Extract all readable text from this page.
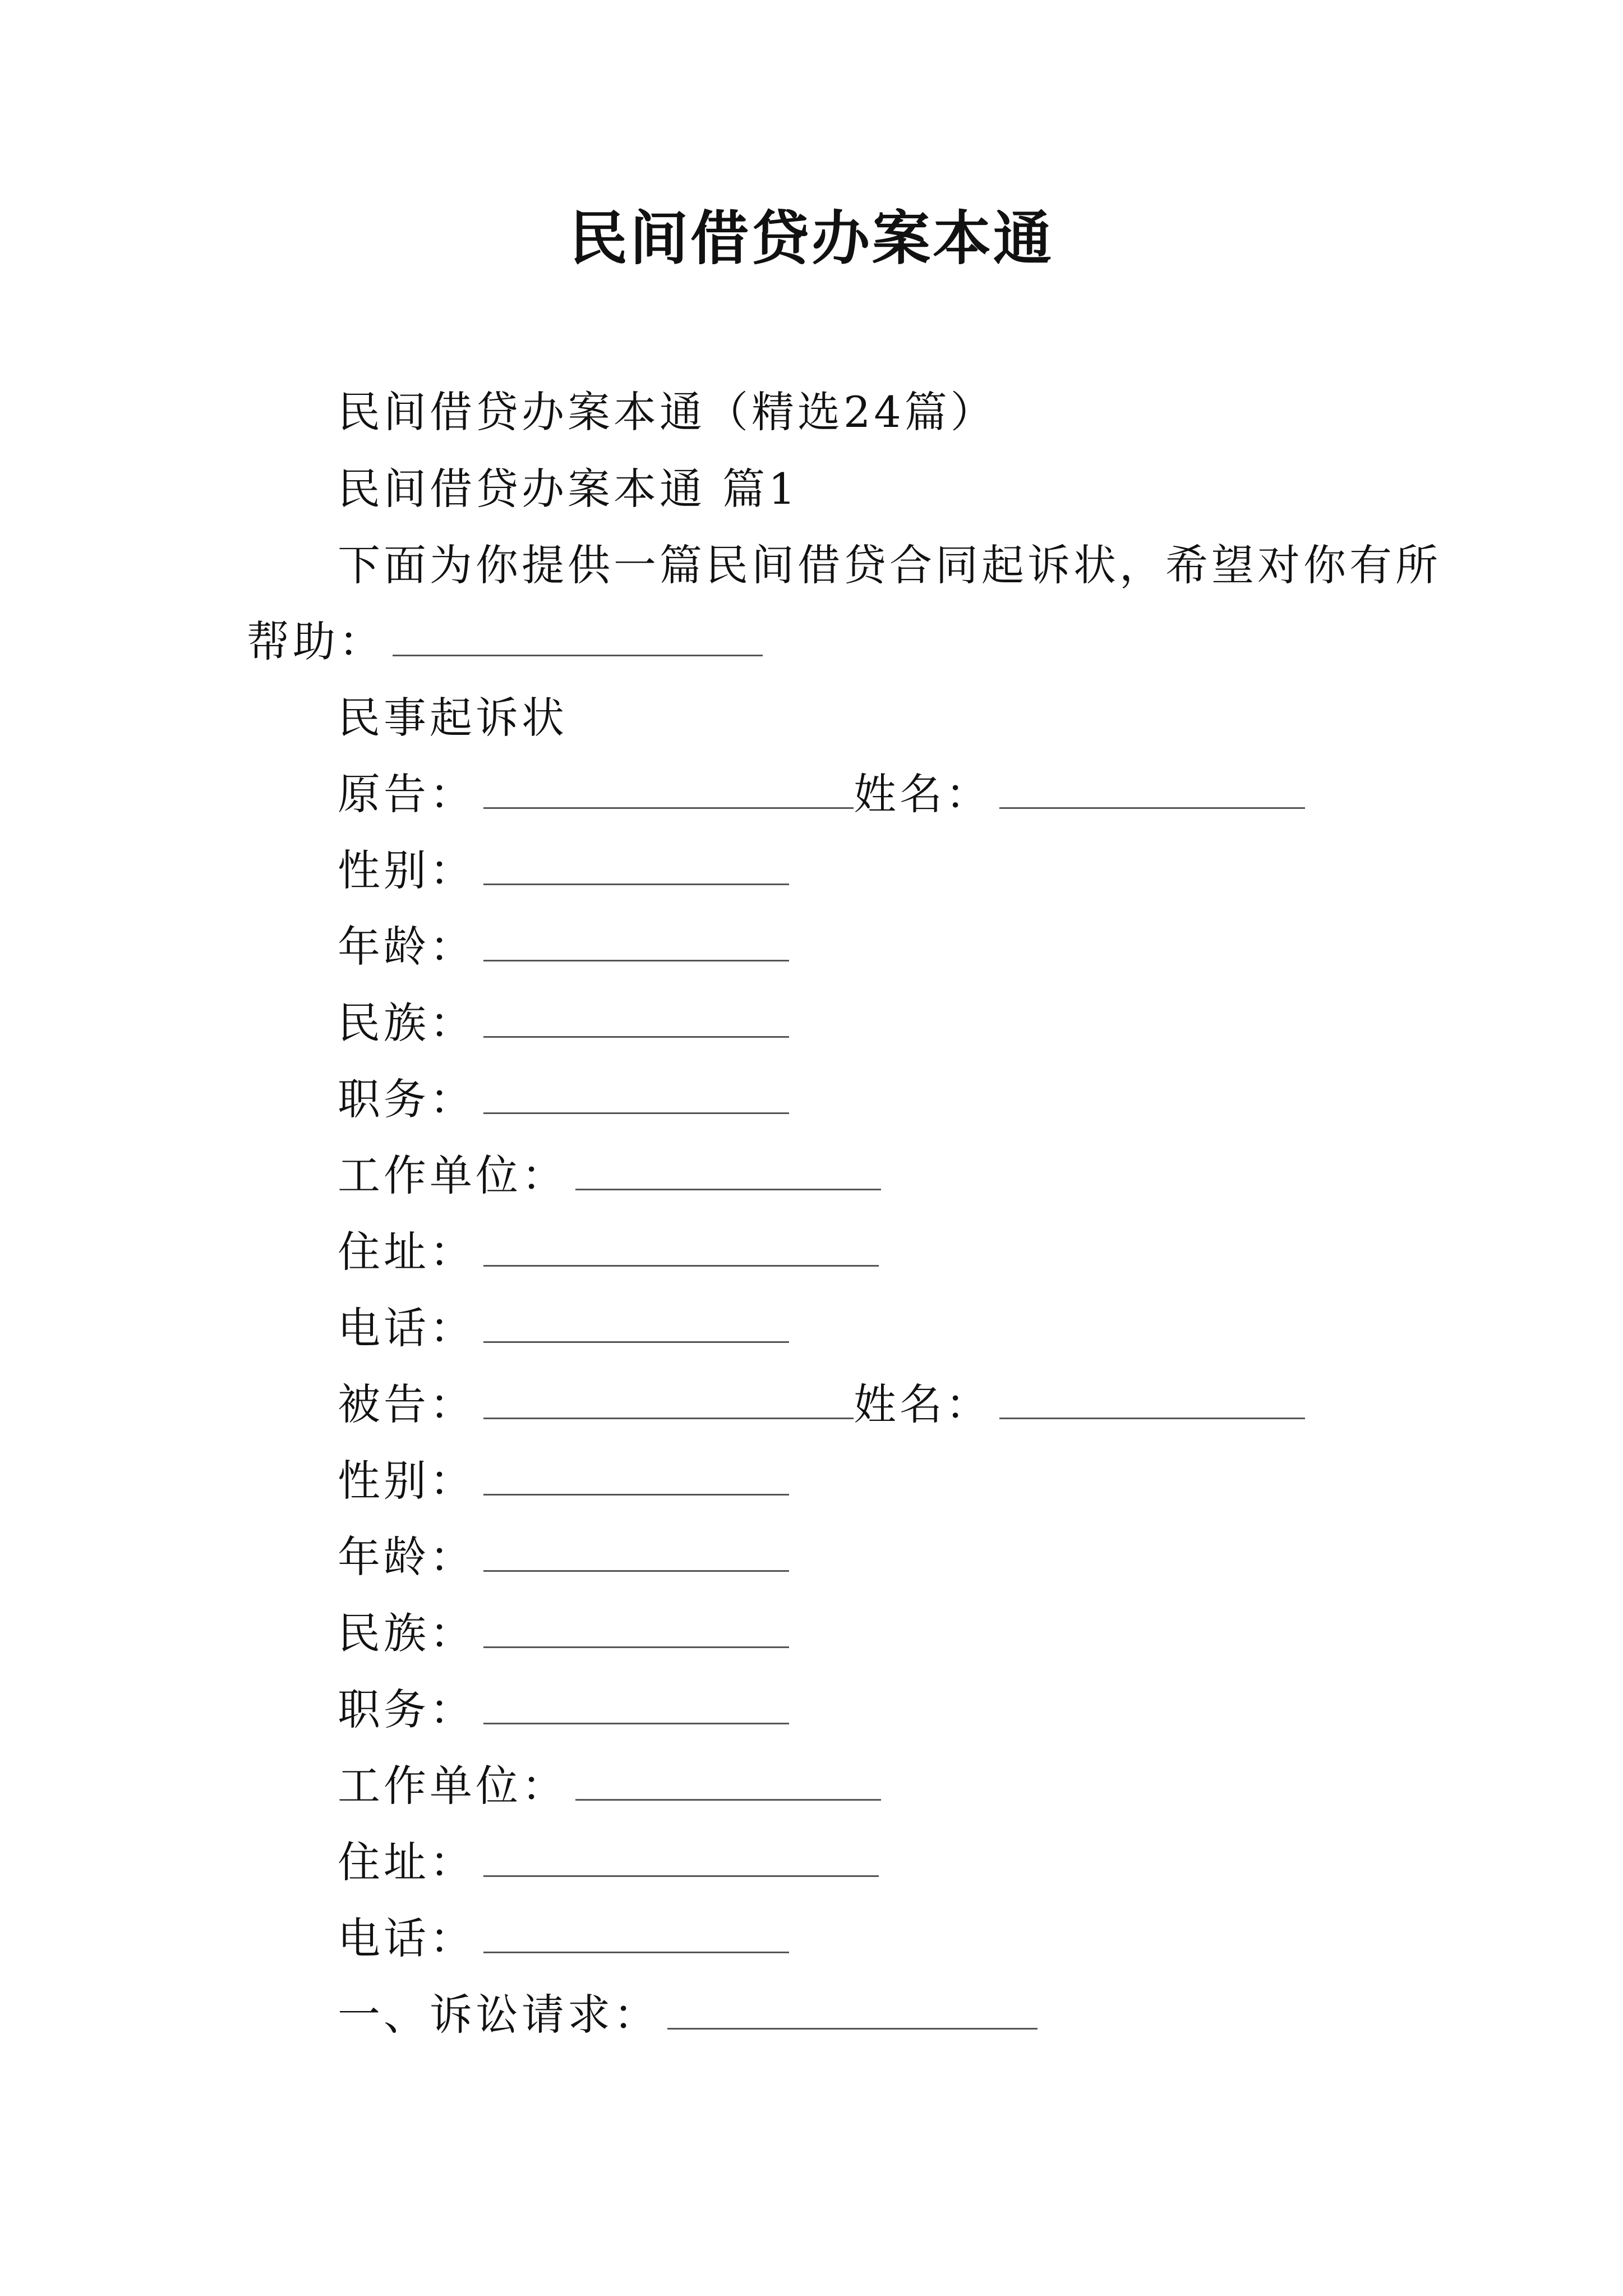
民间借贷办案本通
民间借贷办案本通（精选24篇）
民间借贷办案本通 篇1
下面为你提供一篇民间借贷合同起诉状，希望对你有所
帮助：
民事起诉状
原告：	姓名：
性别：
年龄：
民族：
职务：
工作单位：
住址：
电话：
被告：	姓名：
性别：
年龄：
民族：
职务：
工作单位：
住址：
电话：
一、诉讼请求：
